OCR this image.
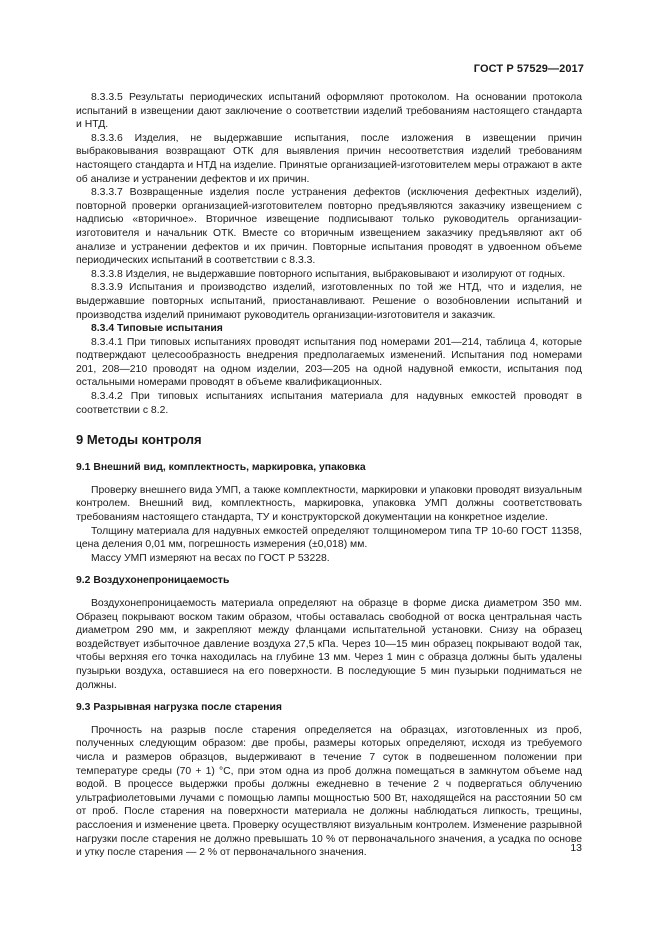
ГОСТ Р 57529—2017

8.3.3.5 Результаты периодических испытаний оформляют протоколом. На основании протокола испытаний в извещении дают заключение о соответствии изделий требованиям настоящего стандарта и НТД.

8.3.3.6 Изделия, не выдержавшие испытания, после изложения в извещении причин выбраковывания возвращают ОТК для выявления причин несоответствия изделий требованиям настоящего стандарта и НТД на изделие. Принятые организацией-изготовителем меры отражают в акте об анализе и устранении дефектов и их причин.

8.3.3.7 Возвращенные изделия после устранения дефектов (исключения дефектных изделий), повторной проверки организацией-изготовителем повторно предъявляются заказчику извещением с надписью «вторичное». Вторичное извещение подписывают только руководитель организации-изготовителя и начальник ОТК. Вместе со вторичным извещением заказчику предъявляют акт об анализе и устранении дефектов и их причин. Повторные испытания проводят в удвоенном объеме периодических испытаний в соответствии с 8.3.3.

8.3.3.8 Изделия, не выдержавшие повторного испытания, выбраковывают и изолируют от годных.

8.3.3.9 Испытания и производство изделий, изготовленных по той же НТД, что и изделия, не выдержавшие повторных испытаний, приостанавливают. Решение о возобновлении испытаний и производства изделий принимают руководитель организации-изготовителя и заказчик.

8.3.4 Типовые испытания

8.3.4.1 При типовых испытаниях проводят испытания под номерами 201—214, таблица 4, которые подтверждают целесообразность внедрения предполагаемых изменений. Испытания под номерами 201, 208—210 проводят на одном изделии, 203—205 на одной надувной емкости, испытания под остальными номерами проводят в объеме квалификационных.

8.3.4.2 При типовых испытаниях испытания материала для надувных емкостей проводят в соответствии с 8.2.

9 Методы контроля
9.1 Внешний вид, комплектность, маркировка, упаковка

Проверку внешнего вида УМП, а также комплектности, маркировки и упаковки проводят визуальным контролем. Внешний вид, комплектность, маркировка, упаковка УМП должны соответствовать требованиям настоящего стандарта, ТУ и конструкторской документации на конкретное изделие.

Толщину материала для надувных емкостей определяют толщиномером типа ТР 10-60 ГОСТ 11358, цена деления 0,01 мм, погрешность измерения (±0,018) мм.

Массу УМП измеряют на весах по ГОСТ Р 53228.

9.2 Воздухонепроницаемость

Воздухонепроницаемость материала определяют на образце в форме диска диаметром 350 мм. Образец покрывают воском таким образом, чтобы оставалась свободной от воска центральная часть диаметром 290 мм, и закрепляют между фланцами испытательной установки. Снизу на образец воздействует избыточное давление воздуха 27,5 кПа. Через 10—15 мин образец покрывают водой так, чтобы верхняя его точка находилась на глубине 13 мм. Через 1 мин с образца должны быть удалены пузырьки воздуха, оставшиеся на его поверхности. В последующие 5 мин пузырьки подниматься не должны.

9.3 Разрывная нагрузка после старения

Прочность на разрыв после старения определяется на образцах, изготовленных из проб, полученных следующим образом: две пробы, размеры которых определяют, исходя из требуемого числа и размеров образцов, выдерживают в течение 7 суток в подвешенном положении при температуре среды (70 + 1) °С, при этом одна из проб должна помещаться в замкнутом объеме над водой. В процессе выдержки пробы должны ежедневно в течение 2 ч подвергаться облучению ультрафиолетовыми лучами с помощью лампы мощностью 500 Вт, находящейся на расстоянии 50 см от проб. После старения на поверхности материала не должны наблюдаться липкость, трещины, расслоения и изменение цвета. Проверку осуществляют визуальным контролем. Изменение разрывной нагрузки после старения не должно превышать 10 % от первоначального значения, а усадка по основе и утку после старения — 2 % от первоначального значения.	13
